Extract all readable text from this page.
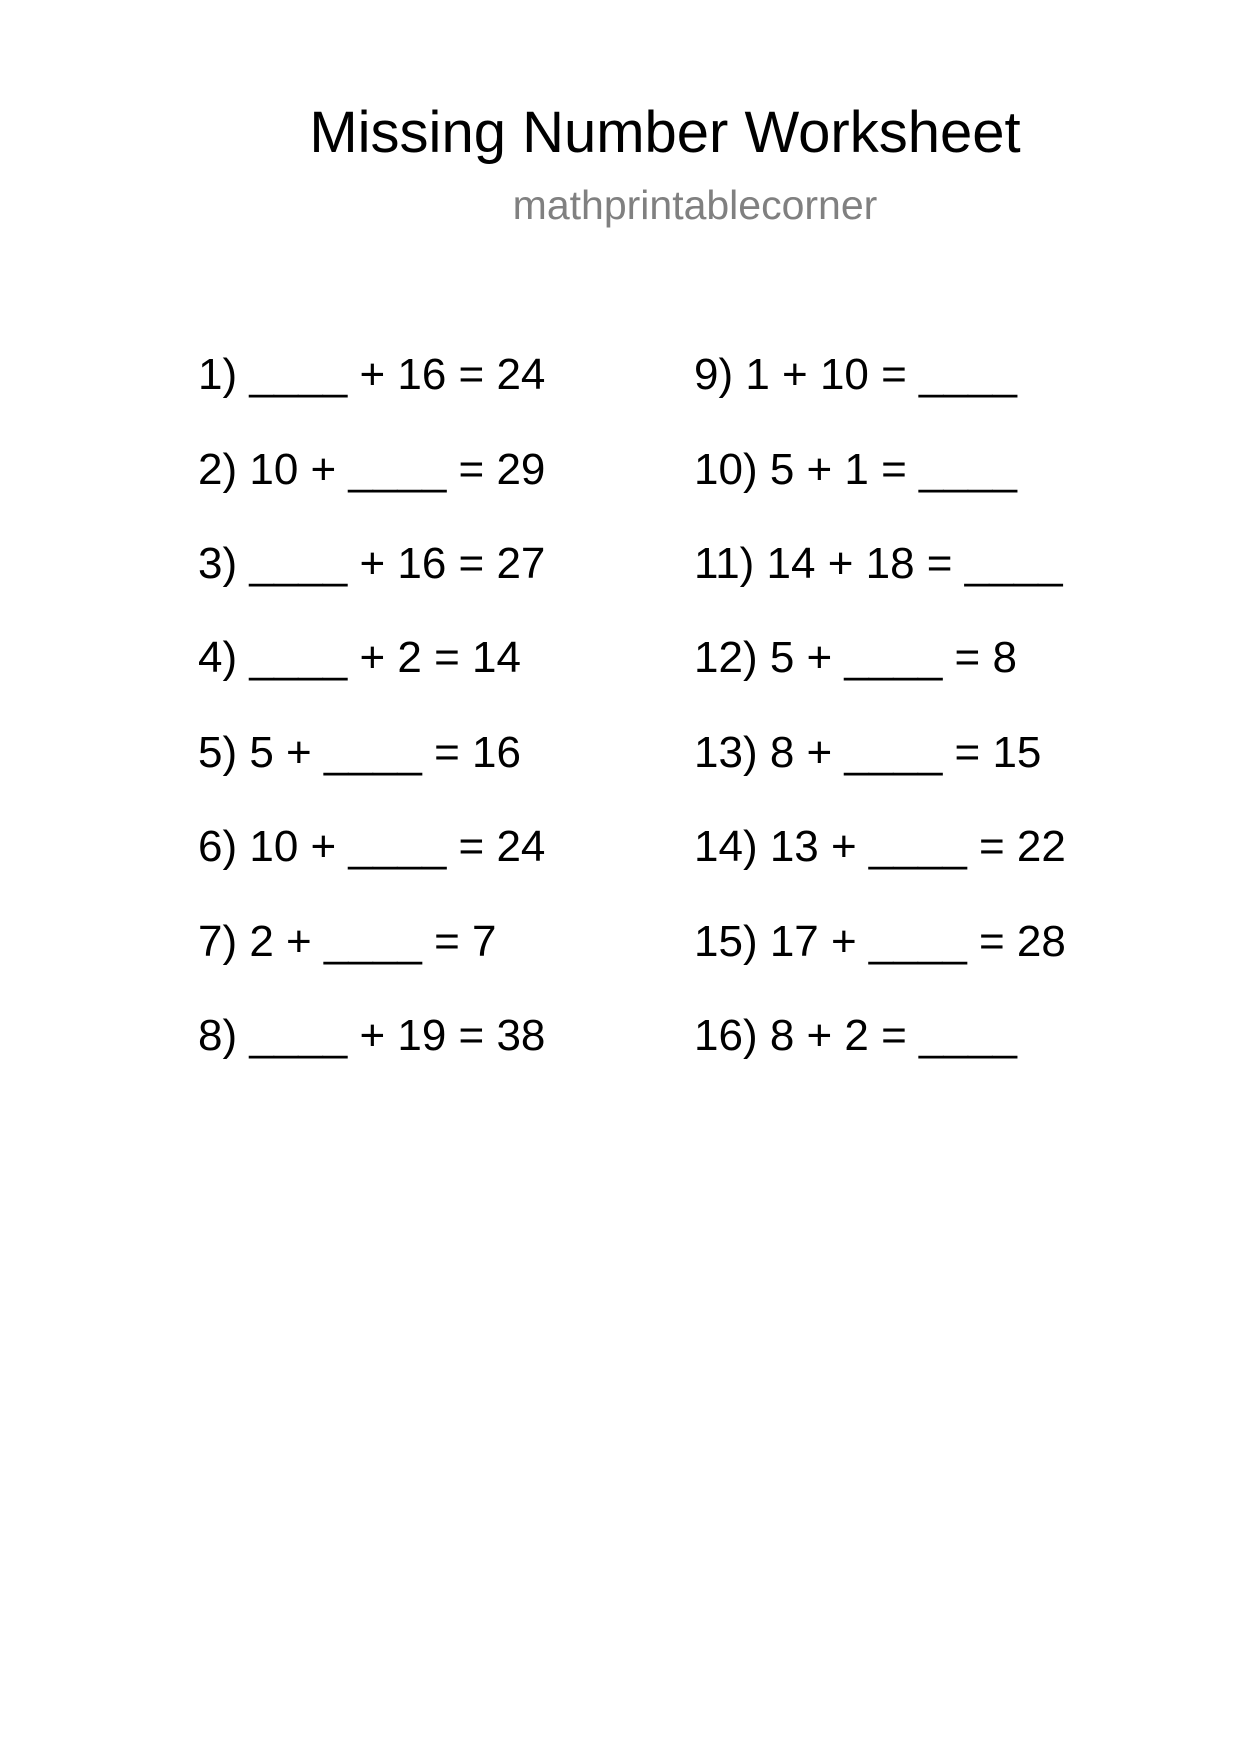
Missing Number Worksheet
mathprintablecorner
1) ____ + 16 = 24
2) 10 + ____ = 29
3) ____ + 16 = 27
4) ____ + 2 = 14
5) 5 + ____ = 16
6) 10 + ____ = 24
7) 2 + ____ = 7
8) ____ + 19 = 38
9) 1 + 10 = ____
10) 5 + 1 = ____
11) 14 + 18 = ____
12) 5 + ____ = 8
13) 8 + ____ = 15
14) 13 + ____ = 22
15) 17 + ____ = 28
16) 8 + 2 = ____
